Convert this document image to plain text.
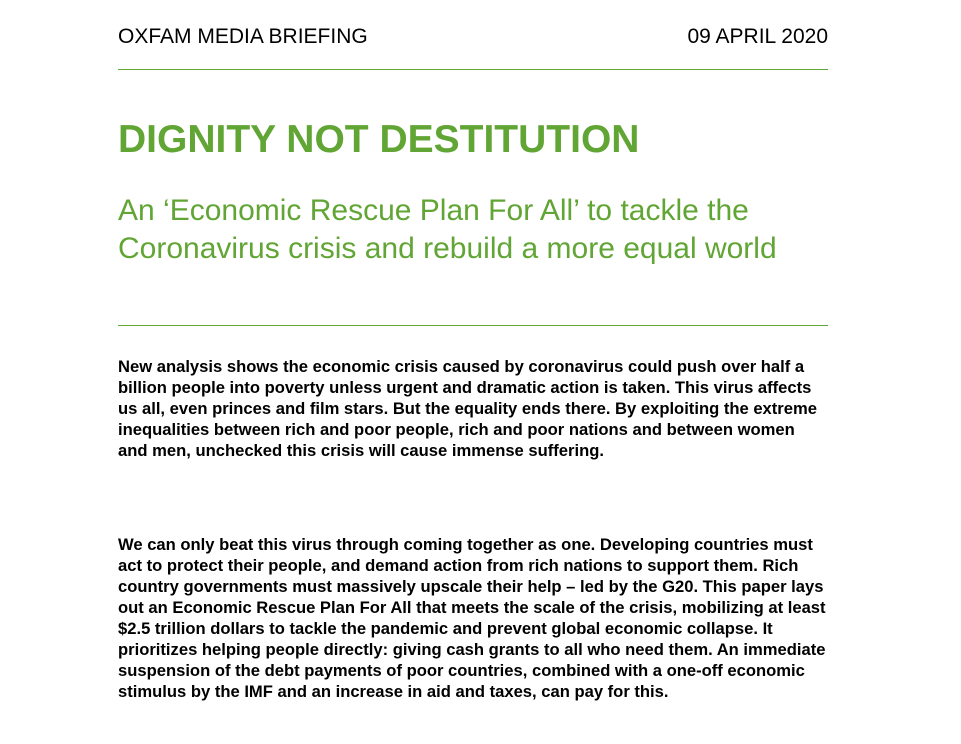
OXFAM MEDIA BRIEFING	09 APRIL 2020
DIGNITY NOT DESTITUTION
An ‘Economic Rescue Plan For All’ to tackle the Coronavirus crisis and rebuild a more equal world

New analysis shows the economic crisis caused by coronavirus could push over half a billion people into poverty unless urgent and dramatic action is taken. This virus affects us all, even princes and film stars. But the equality ends there. By exploiting the extreme inequalities between rich and poor people, rich and poor nations and between women and men, unchecked this crisis will cause immense suffering.

We can only beat this virus through coming together as one. Developing countries must act to protect their people, and demand action from rich nations to support them. Rich country governments must massively upscale their help – led by the G20. This paper lays out an Economic Rescue Plan For All that meets the scale of the crisis, mobilizing at least $2.5 trillion dollars to tackle the pandemic and prevent global economic collapse. It prioritizes helping people directly: giving cash grants to all who need them. An immediate suspension of the debt payments of poor countries, combined with a one-off economic stimulus by the IMF and an increase in aid and taxes, can pay for this.
